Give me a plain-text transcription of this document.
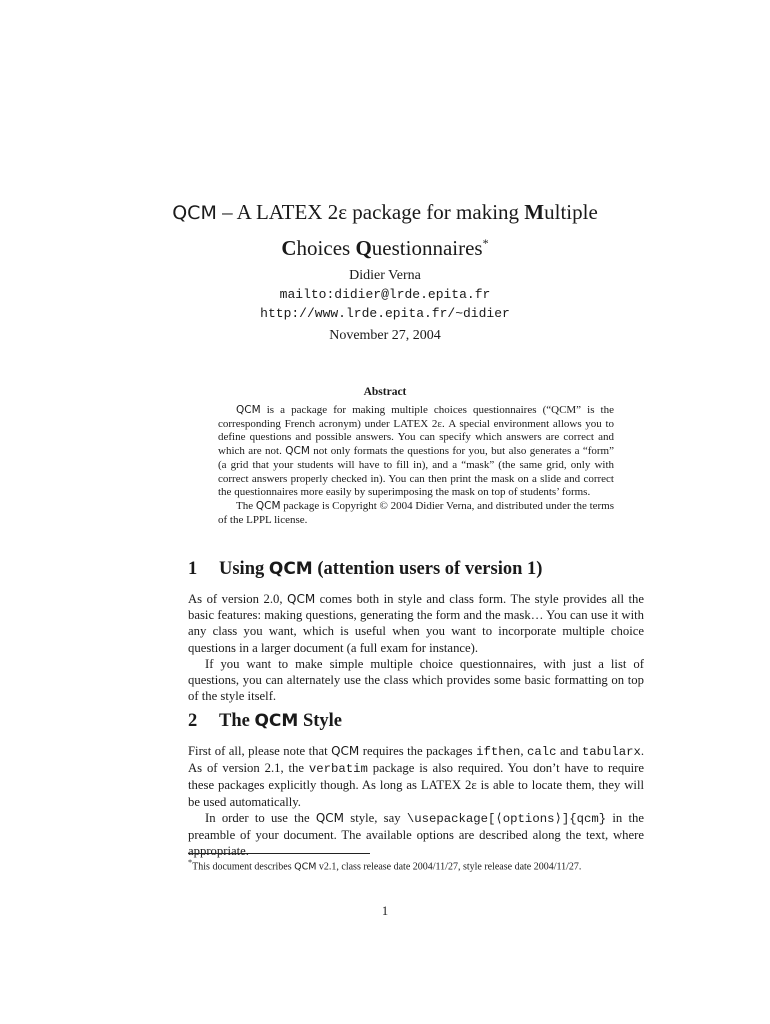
QCM – A LATEX 2ε package for making Multiple
Choices Questionnaires*
Didier Verna
mailto:didier@lrde.epita.fr
http://www.lrde.epita.fr/~didier
November 27, 2004
Abstract

QCM is a package for making multiple choices questionnaires (“QCM” is the corresponding French acronym) under LATEX 2ε. A special environment allows you to define questions and possible answers. You can specify which answers are correct and which are not. QCM not only formats the questions for you, but also generates a “form” (a grid that your students will have to fill in), and a “mask” (the same grid, only with correct answers properly checked in). You can then print the mask on a slide and correct the questionnaires more easily by superimposing the mask on top of students’ forms.

The QCM package is Copyright © 2004 Didier Verna, and distributed under the terms of the LPPL license.

1 Using QCM (attention users of version 1)

As of version 2.0, QCM comes both in style and class form. The style provides all the basic features: making questions, generating the form and the mask… You can use it with any class you want, which is useful when you want to incorporate multiple choice questions in a larger document (a full exam for instance).

If you want to make simple multiple choice questionnaires, with just a list of questions, you can alternately use the class which provides some basic formatting on top of the style itself.

2 The QCM Style

First of all, please note that QCM requires the packages ifthen, calc and tabularx. As of version 2.1, the verbatim package is also required. You don’t have to require these packages explicitly though. As long as LATEX 2ε is able to locate them, they will be used automatically.

In order to use the QCM style, say \usepackage[⟨options⟩]{qcm} in the preamble of your document. The available options are described along the text, where appropriate.

*This document describes QCM v2.1, class release date 2004/11/27, style release date 2004/11/27.
1
